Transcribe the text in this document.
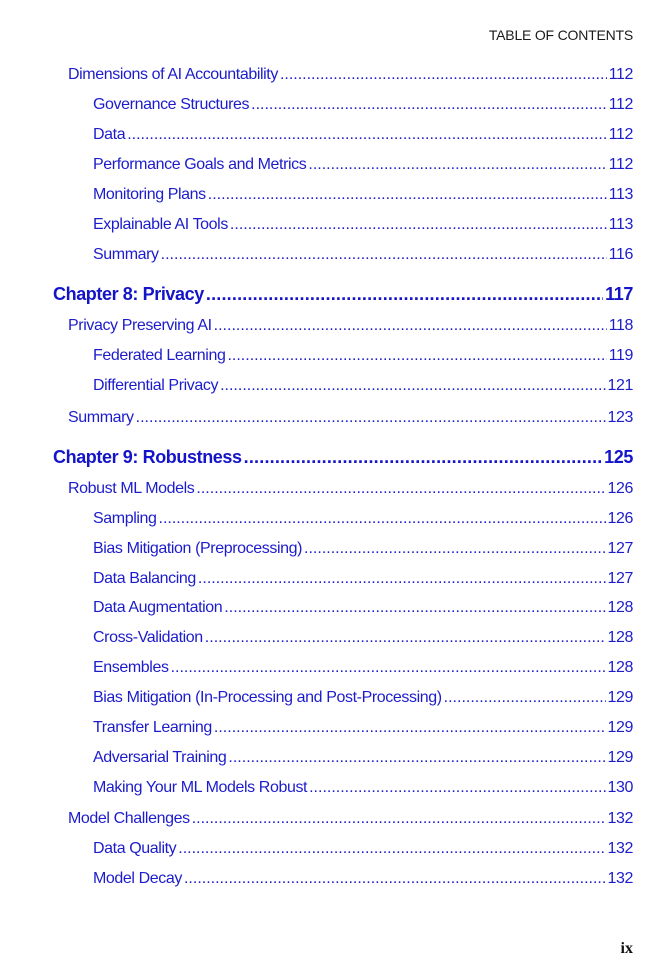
TABLE OF CONTENTS
Dimensions of AI Accountability .....	112
Governance Structures .....	112
Data .....	112
Performance Goals and Metrics .....	112
Monitoring Plans .....	113
Explainable AI Tools .....	113
Summary .....	116
Chapter 8: Privacy .....	117
Privacy Preserving AI .....	118
Federated Learning .....	119
Differential Privacy .....	121
Summary .....	123
Chapter 9: Robustness .....	125
Robust ML Models .....	126
Sampling .....	126
Bias Mitigation (Preprocessing) .....	127
Data Balancing .....	127
Data Augmentation .....	128
Cross-Validation .....	128
Ensembles .....	128
Bias Mitigation (In-Processing and Post-Processing) .....	129
Transfer Learning .....	129
Adversarial Training .....	129
Making Your ML Models Robust .....	130
Model Challenges .....	132
Data Quality .....	132
Model Decay .....	132
ix
